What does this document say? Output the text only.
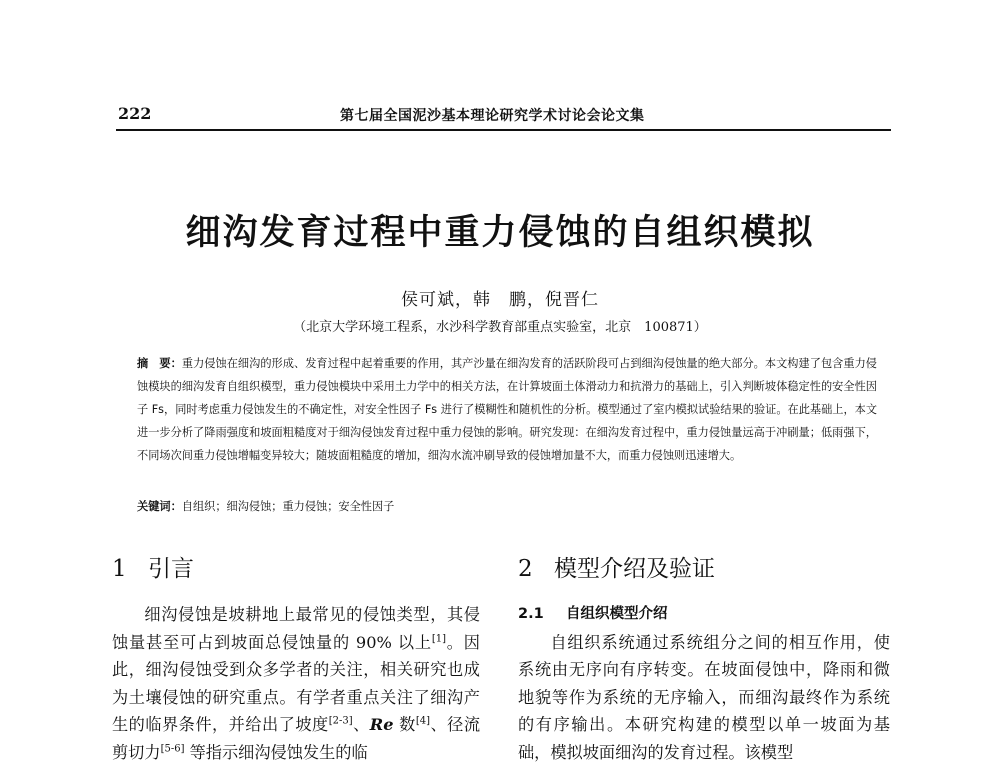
222	第七届全国泥沙基本理论研究学术讨论会论文集
细沟发育过程中重力侵蚀的自组织模拟
侯可斌，韩　鹏，倪晋仁
（北京大学环境工程系，水沙科学教育部重点实验室，北京　100871）
摘　要：重力侵蚀在细沟的形成、发育过程中起着重要的作用，其产沙量在细沟发育的活跃阶段可占到细沟侵蚀量的绝大部分。本文构建了包含重力侵蚀模块的细沟发育自组织模型，重力侵蚀模块中采用土力学中的相关方法，在计算坡面土体滑动力和抗滑力的基础上，引入判断坡体稳定性的安全性因子 Fs，同时考虑重力侵蚀发生的不确定性，对安全性因子 Fs 进行了模糊性和随机性的分析。模型通过了室内模拟试验结果的验证。在此基础上，本文进一步分析了降雨强度和坡面粗糙度对于细沟侵蚀发育过程中重力侵蚀的影响。研究发现：在细沟发育过程中，重力侵蚀量远高于冲刷量；低雨强下，不同场次间重力侵蚀增幅变异较大；随坡面粗糙度的增加，细沟水流冲刷导致的侵蚀增加量不大，而重力侵蚀则迅速增大。
关键词：自组织；细沟侵蚀；重力侵蚀；安全性因子
1 引言

细沟侵蚀是坡耕地上最常见的侵蚀类型，其侵蚀量甚至可占到坡面总侵蚀量的 90% 以上[1]。因此，细沟侵蚀受到众多学者的关注，相关研究也成为土壤侵蚀的研究重点。有学者重点关注了细沟产生的临界条件，并给出了坡度[2-3]、Re 数[4]、径流剪切力[5-6] 等指示细沟侵蚀发生的临

2 模型介绍及验证
2.1 自组织模型介绍

自组织系统通过系统组分之间的相互作用，使系统由无序向有序转变。在坡面侵蚀中，降雨和微地貌等作为系统的无序输入，而细沟最终作为系统的有序输出。本研究构建的模型以单一坡面为基础，模拟坡面细沟的发育过程。该模型
